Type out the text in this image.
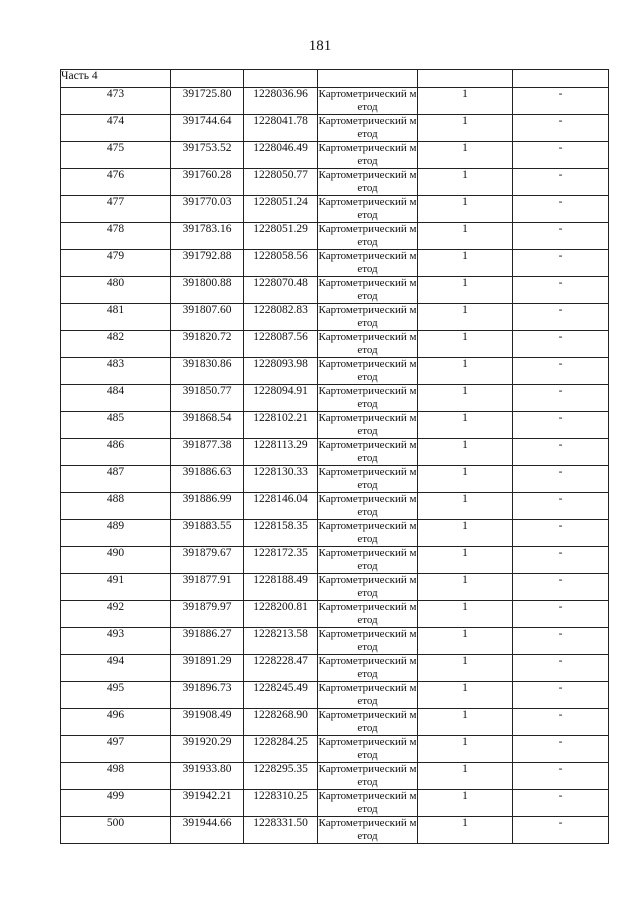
181
Часть 4					
473	391725.80	1228036.96	Картометрический метод	1	-
474	391744.64	1228041.78	Картометрический метод	1	-
475	391753.52	1228046.49	Картометрический метод	1	-
476	391760.28	1228050.77	Картометрический метод	1	-
477	391770.03	1228051.24	Картометрический метод	1	-
478	391783.16	1228051.29	Картометрический метод	1	-
479	391792.88	1228058.56	Картометрический метод	1	-
480	391800.88	1228070.48	Картометрический метод	1	-
481	391807.60	1228082.83	Картометрический метод	1	-
482	391820.72	1228087.56	Картометрический метод	1	-
483	391830.86	1228093.98	Картометрический метод	1	-
484	391850.77	1228094.91	Картометрический метод	1	-
485	391868.54	1228102.21	Картометрический метод	1	-
486	391877.38	1228113.29	Картометрический метод	1	-
487	391886.63	1228130.33	Картометрический метод	1	-
488	391886.99	1228146.04	Картометрический метод	1	-
489	391883.55	1228158.35	Картометрический метод	1	-
490	391879.67	1228172.35	Картометрический метод	1	-
491	391877.91	1228188.49	Картометрический метод	1	-
492	391879.97	1228200.81	Картометрический метод	1	-
493	391886.27	1228213.58	Картометрический метод	1	-
494	391891.29	1228228.47	Картометрический метод	1	-
495	391896.73	1228245.49	Картометрический метод	1	-
496	391908.49	1228268.90	Картометрический метод	1	-
497	391920.29	1228284.25	Картометрический метод	1	-
498	391933.80	1228295.35	Картометрический метод	1	-
499	391942.21	1228310.25	Картометрический метод	1	-
500	391944.66	1228331.50	Картометрический метод	1	-
